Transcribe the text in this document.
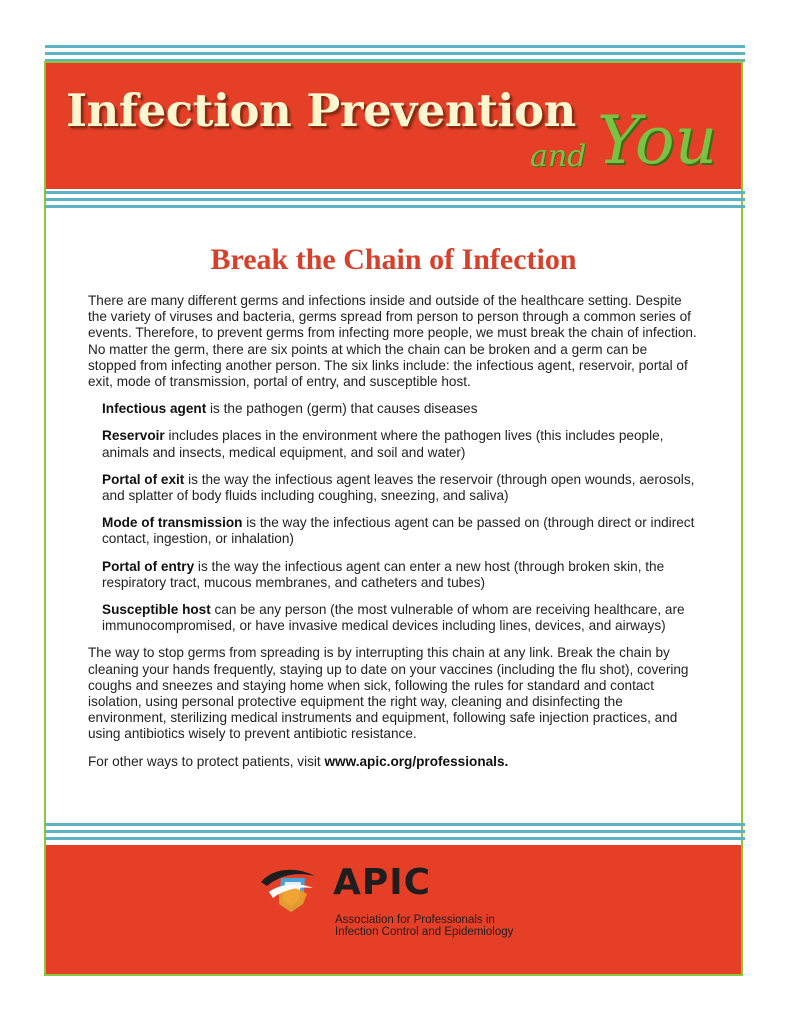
Infection Prevention
and You
Break the Chain of Infection

There are many different germs and infections inside and outside of the healthcare setting. Despite the variety of viruses and bacteria, germs spread from person to person through a common series of events. Therefore, to prevent germs from infecting more people, we must break the chain of infection. No matter the germ, there are six points at which the chain can be broken and a germ can be stopped from infecting another person. The six links include: the infectious agent, reservoir, portal of exit, mode of transmission, portal of entry, and susceptible host.

Infectious agent is the pathogen (germ) that causes diseases
Reservoir includes places in the environment where the pathogen lives (this includes people, animals and insects, medical equipment, and soil and water)
Portal of exit is the way the infectious agent leaves the reservoir (through open wounds, aerosols, and splatter of body fluids including coughing, sneezing, and saliva)
Mode of transmission is the way the infectious agent can be passed on (through direct or indirect contact, ingestion, or inhalation)
Portal of entry is the way the infectious agent can enter a new host (through broken skin, the respiratory tract, mucous membranes, and catheters and tubes)
Susceptible host can be any person (the most vulnerable of whom are receiving healthcare, are immunocompromised, or have invasive medical devices including lines, devices, and airways)

The way to stop germs from spreading is by interrupting this chain at any link. Break the chain by cleaning your hands frequently, staying up to date on your vaccines (including the flu shot), covering coughs and sneezes and staying home when sick, following the rules for standard and contact isolation, using personal protective equipment the right way, cleaning and disinfecting the environment, sterilizing medical instruments and equipment, following safe injection practices, and using antibiotics wisely to prevent antibiotic resistance.

For other ways to protect patients, visit www.apic.org/professionals.

APIC
Association for Professionals in
Infection Control and Epidemiology
